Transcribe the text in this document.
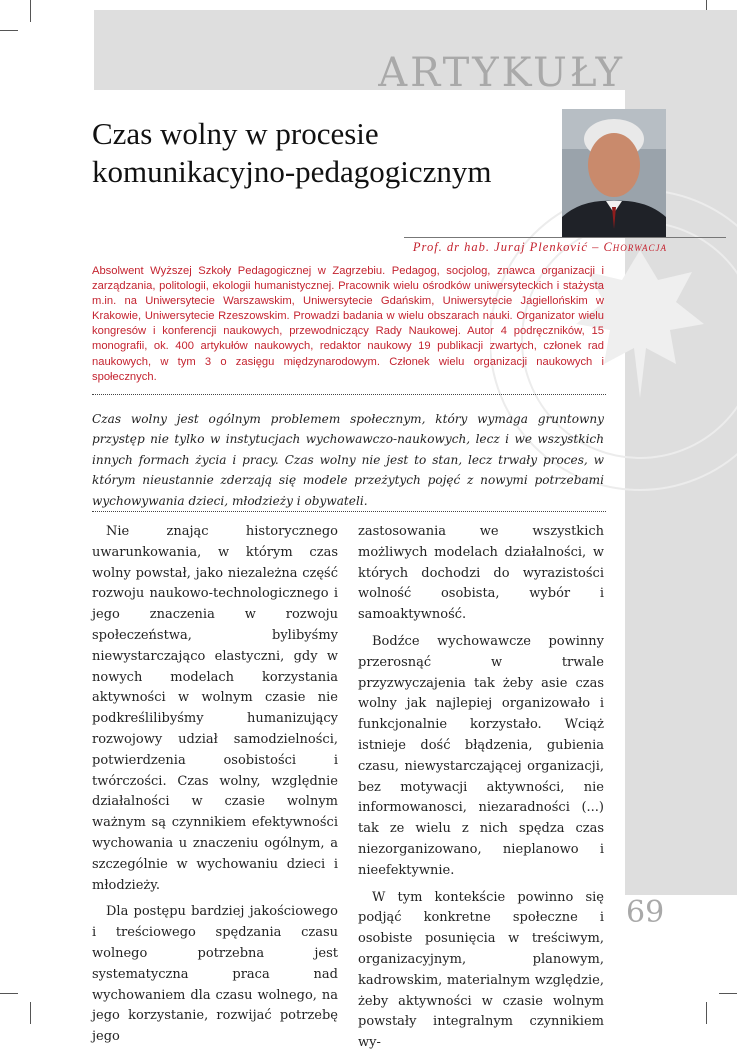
ARTYKUŁY
Czas wolny w procesie
komunikacyjno-pedagogicznym
Prof. dr hab. Juraj Plenković – Chorwacja

Absolwent Wyższej Szkoły Pedagogicznej w Zagrzebiu. Pedagog, socjolog, znawca organizacji i zarządzania, politologii, ekologii humanistycznej. Pracownik wielu ośrodków uniwersyteckich i stażysta m.in. na Uniwersytecie Warszawskim, Uniwersytecie Gdańskim, Uniwersytecie Jagiellońskim w Krakowie, Uniwersytecie Rzeszowskim. Prowadzi badania w wielu obszarach nauki. Organizator wielu kongresów i konferencji naukowych, przewodniczący Rady Naukowej. Autor 4 podręczników, 15 monografii, ok. 400 artykułów naukowych, redaktor naukowy 19 publikacji zwartych, członek rad naukowych, w tym 3 o zasięgu międzynarodowym. Członek wielu organizacji naukowych i społecznych.

Czas wolny jest ogólnym problemem społecznym, który wymaga gruntowny przystęp nie tylko w instytucjach wychowawczo-naukowych, lecz i we wszystkich innych formach życia i pracy. Czas wolny nie jest to stan, lecz trwały proces, w którym nieustannie zderzają się modele przeżytych pojęć z nowymi potrzebami wychowywania dzieci, młodzieży i obywateli.

Nie znając historycznego uwarunkowania, w którym czas wolny powstał, jako niezależna część rozwoju naukowo-technologicznego i jego znaczenia w rozwoju społeczeństwa, bylibyśmy niewystarczająco elastyczni, gdy w nowych modelach korzystania aktywności w wolnym czasie nie podkreślilibyśmy humanizujący rozwojowy udział samodzielności, potwierdzenia osobistości i twórczości. Czas wolny, względnie działalności w czasie wolnym ważnym są czynnikiem efektywności wychowania u znaczeniu ogólnym, a szczególnie w wychowaniu dzieci i młodzieży.

Dla postępu bardziej jakościowego i treściowego spędzania czasu wolnego potrzebna jest systematyczna praca nad wychowaniem dla czasu wolnego, na jego korzystanie, rozwijać potrzebę jego

zastosowania we wszystkich możliwych modelach działalności, w których dochodzi do wyrazistości wolność osobista, wybór i samoaktywność.

Bodźce wychowawcze powinny przerosnąć w trwale przyzwyczajenia tak żeby asie czas wolny jak najlepiej organizowało i funkcjonalnie korzystało. Wciąż istnieje dość błądzenia, gubienia czasu, niewystarczającej organizacji, bez motywacji aktywności, nie informowanosci, niezaradności (...) tak ze wielu z nich spędza czas niezorganizowano, nieplanowo i nieefektywnie.

W tym kontekście powinno się podjąć konkretne społeczne i osobiste posunięcia w treściwym, organizacyjnym, planowym, kadrowskim, materialnym względzie, żeby aktywności w czasie wolnym powstały integralnym czynnikiem wy-

69
